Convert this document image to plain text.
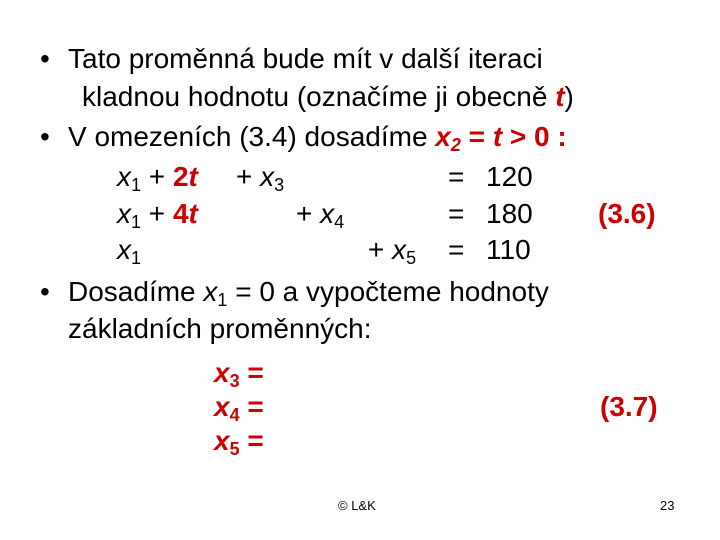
• Tato proměnná bude mít v další iteraci
kladnou hodnotu (označíme ji obecně t)
• V omezeních (3.4) dosadíme $x_2 = t > 0$ :
$x_1 + 2t + x_3$	= 120
$x_1 + 4t$	+ $x_4$	= 180 (3.6)
$x_1$	+ $x_5 = 110$
• Dosadíme $x_1 = 0$ a vypočteme hodnoty
základních proměnných:
$x_3$ =
$x_4$ =	(3.7)
$x_5$ =
© L&K	23
